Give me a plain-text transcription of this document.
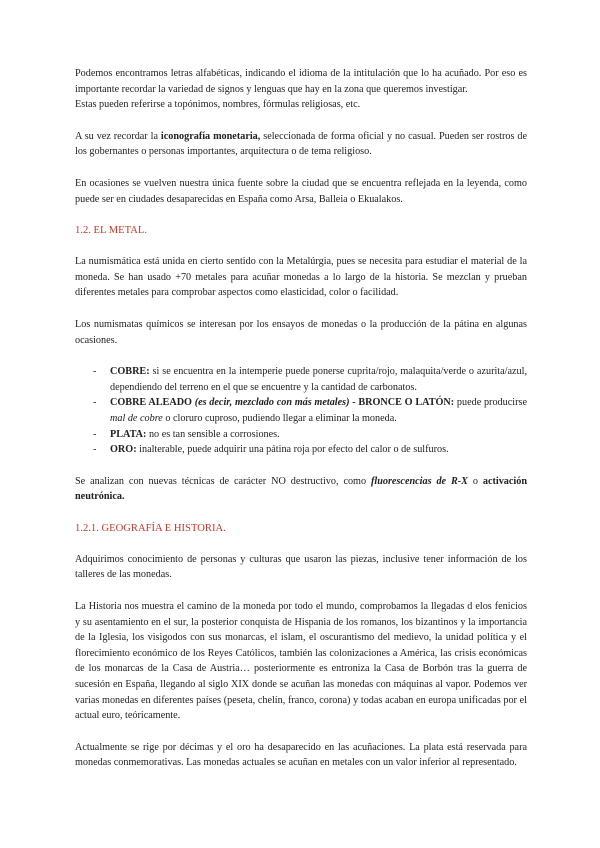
Podemos encontramos letras alfabéticas, indicando el idioma de la intitulación que lo ha acuñado. Por eso es importante recordar la variedad de signos y lenguas que hay en la zona que queremos investigar.
Estas pueden referirse a topónimos, nombres, fórmulas religiosas, etc.

A su vez recordar la iconografía monetaria, seleccionada de forma oficial y no casual. Pueden ser rostros de los gobernantes o personas importantes, arquitectura o de tema religioso.

En ocasiones se vuelven nuestra única fuente sobre la ciudad que se encuentra reflejada en la leyenda, como puede ser en ciudades desaparecidas en España como Arsa, Balleia o Ekualakos.

1.2. EL METAL.

La numismática está unida en cierto sentido con la Metalúrgia, pues se necesita para estudiar el material de la moneda. Se han usado +70 metales para acuñar monedas a lo largo de la historia. Se mezclan y prueban diferentes metales para comprobar aspectos como elasticidad, color o facilidad.

Los numismatas químicos se interesan por los ensayos de monedas o la producción de la pátina en algunas ocasiones.

- COBRE: si se encuentra en la intemperie puede ponerse cuprita/rojo, malaquita/verde o azurita/azul, dependiendo del terreno en el que se encuentre y la cantidad de carbonatos.
- COBRE ALEADO (es decir, mezclado con más metales) - BRONCE O LATÓN: puede producirse mal de cobre o cloruro cuproso, pudiendo llegar a eliminar la moneda.
- PLATA: no es tan sensible a corrosiones.
- ORO: inalterable, puede adquirir una pátina roja por efecto del calor o de sulfuros.

Se analizan con nuevas técnicas de carácter NO destructivo, como fluorescencias de R-X o activación neutrónica.

1.2.1. GEOGRAFÍA E HISTORIA.

Adquirimos conocimiento de personas y culturas que usaron las piezas, inclusive tener información de los talleres de las monedas.

La Historia nos muestra el camino de la moneda por todo el mundo, comprobamos la llegadas d elos fenicios y su asentamiento en el sur, la posterior conquista de Hispania de los romanos, los bizantinos y la importancia de la Iglesia, los visigodos con sus monarcas, el islam, el oscurantismo del medievo, la unidad política y el florecimiento económico de los Reyes Católicos, también las colonizaciones a América, las crisis económicas de los monarcas de la Casa de Austria… posteriormente es entroniza la Casa de Borbón tras la guerra de sucesión en España, llegando al siglo XIX donde se acuñan las monedas con máquinas al vapor. Podemos ver varias monedas en diferentes países (peseta, chelín, franco, corona) y todas acaban en europa unificadas por el actual euro, teóricamente.

Actualmente se rige por décimas y el oro ha desaparecido en las acuñaciones. La plata está reservada para monedas conmemorativas. Las monedas actuales se acuñan en metales con un valor inferior al representado.
